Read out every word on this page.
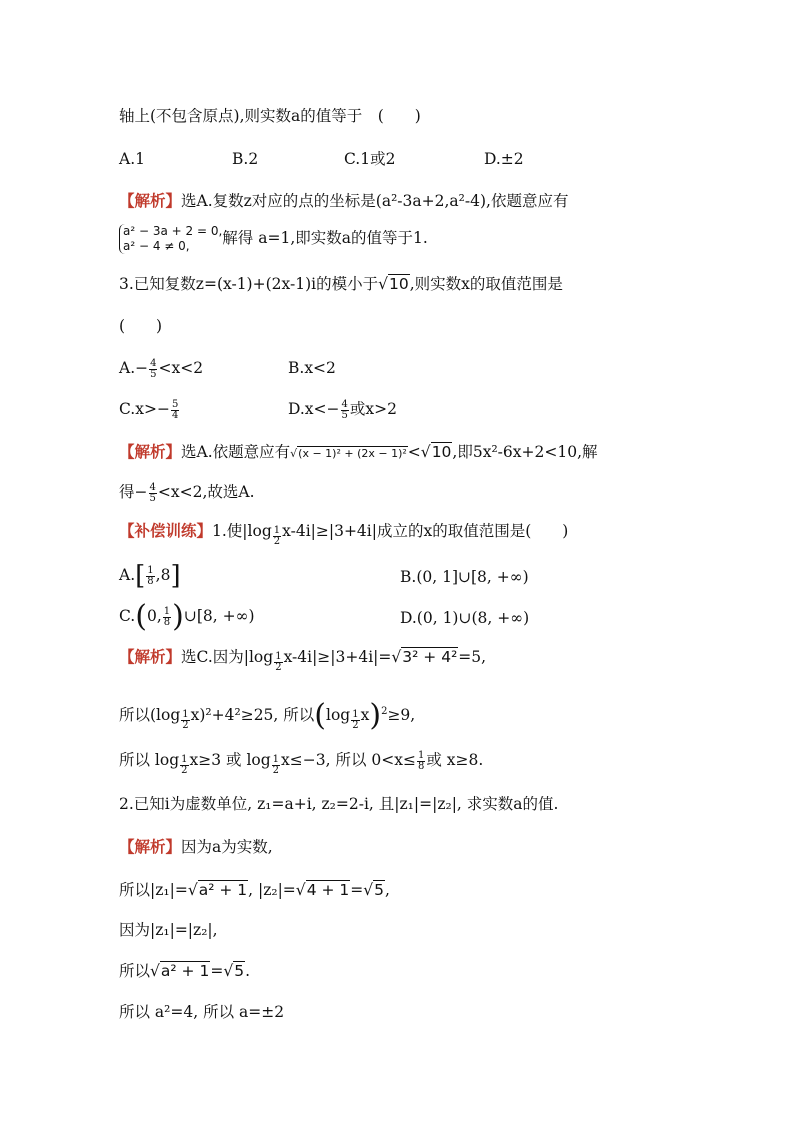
轴上(不包含原点),则实数a的值等于　(　　)
A.1	B.2	C.1或2	D.±2
【解析】选A.复数z对应的点的坐标是(a²-3a+2,a²-4),依题意应有
a² − 3a + 2 = 0,
a² − 4 ≠ 0, 解得 a=1,即实数a的值等于1.
3.已知复数z=(x-1)+(2x-1)i的模小于√10,则实数x的取值范围是
(　　)
$A.- \frac{4}{5} <x<2$	B.x<2
$C.x>- \frac{5}{4}$	$D.x<- \frac{4}{5}$ 或x>2
【解析】选A.依题意应有√(x − 1)² + (2x − 1)²<√10,即5x²-6x+2<10,解
得− $\frac{4}{5} <x<2$,故选A.
【补偿训练】1.使$|\log \frac{1}{2} x-4i|\ge|3+4i|$成立的x的取值范围是(　　)
$A.[ \frac{1}{8} ,8]$	B.(0, 1]∪[8, +∞)
C.(0, $\frac{1}{8}$ )∪[8, +∞)	D.(0, 1)∪(8, +∞)
【解析】选C.因为$|\log \frac{1}{2} x-4i|\ge|3+4i|=√3^2 + 4^2=5$,
所以$(\log \frac{1}{2} x)^2+4^2\ge 25$, 所以$(\log \frac{1}{2} x)^2\ge 9$,
所以 $\log \frac{1}{2} x\ge 3$ 或 $\log \frac{1}{2} x\le-3$, 所以 $0<x\le \frac{1}{8}$ 或 x≥8.
2.已知i为虚数单位, z₁=a+i, z₂=2-i, 且|z₁|=|z₂|, 求实数a的值.
【解析】因为a为实数,
所以|z₁|=√a² + 1, |z₂|=√4 + 1=√5,
因为|z₁|=|z₂|,
所以√a² + 1=√5.
所以 a²=4, 所以 a=±2
